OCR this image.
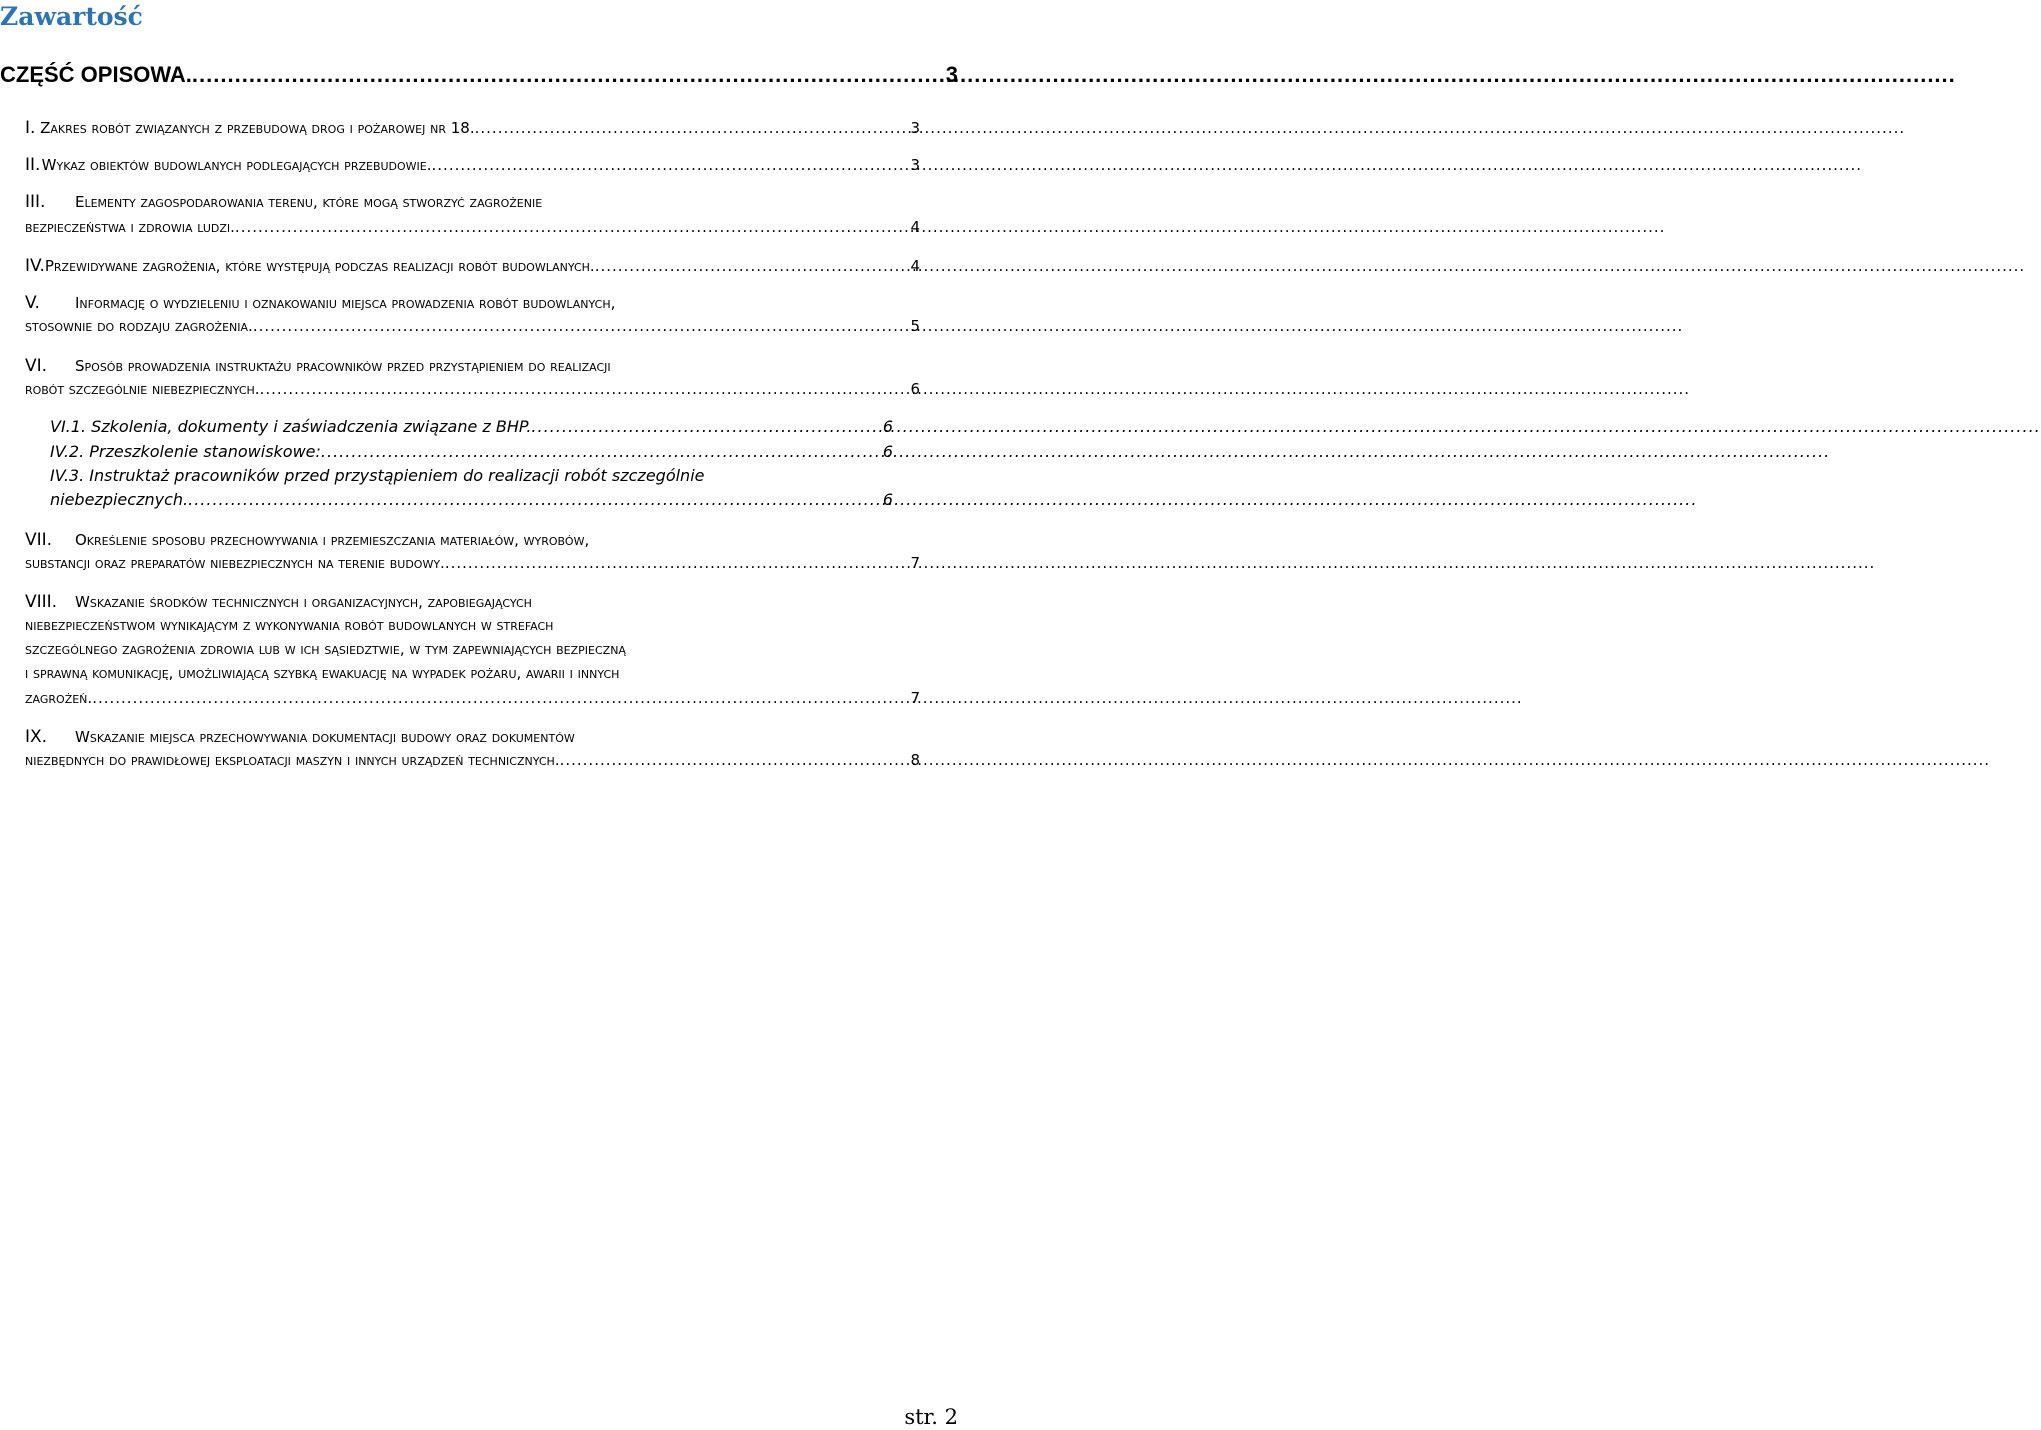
Zawartość
CZĘŚĆ OPISOWA. .....	3
I. Zakres robót związanych z przebudową drog i pożarowej nr 18. .....	3
II. Wykaz obiektów budowlanych podlegających przebudowie. .....	3
III. Elementy zagospodarowania terenu, które mogą stworzyć zagrożenie
bezpieczeństwa i zdrowia ludzi. .....	4
IV. Przewidywane zagrożenia, które występują podczas realizacji robót budowlanych. .....	4
V. Informację o wydzieleniu i oznakowaniu miejsca prowadzenia robót budowlanych,
stosownie do rodzaju zagrożenia. .....	5
VI. Sposób prowadzenia instruktażu pracowników przed przystąpieniem do realizacji
robót szczególnie niebezpiecznych. .....	6
VI.1. Szkolenia, dokumenty i zaświadczenia związane z BHP. .....	6
IV.2. Przeszkolenie stanowiskowe: .....	6
IV.3. Instruktaż pracowników przed przystąpieniem do realizacji robót szczególnie
niebezpiecznych. .....	6
VII. Określenie sposobu przechowywania i przemieszczania materiałów, wyrobów,
substancji oraz preparatów niebezpiecznych na terenie budowy. .....	7
VIII. Wskazanie środków technicznych i organizacyjnych, zapobiegających
niebezpieczeństwom wynikającym z wykonywania robót budowlanych w strefach
szczególnego zagrożenia zdrowia lub w ich sąsiedztwie, w tym zapewniających bezpieczną
i sprawną komunikację, umożliwiającą szybką ewakuację na wypadek pożaru, awarii i innych
zagrożeń. .....	7
IX. Wskazanie miejsca przechowywania dokumentacji budowy oraz dokumentów
niezbędnych do prawidłowej eksploatacji maszyn i innych urządzeń technicznych. .....	8
str. 2
